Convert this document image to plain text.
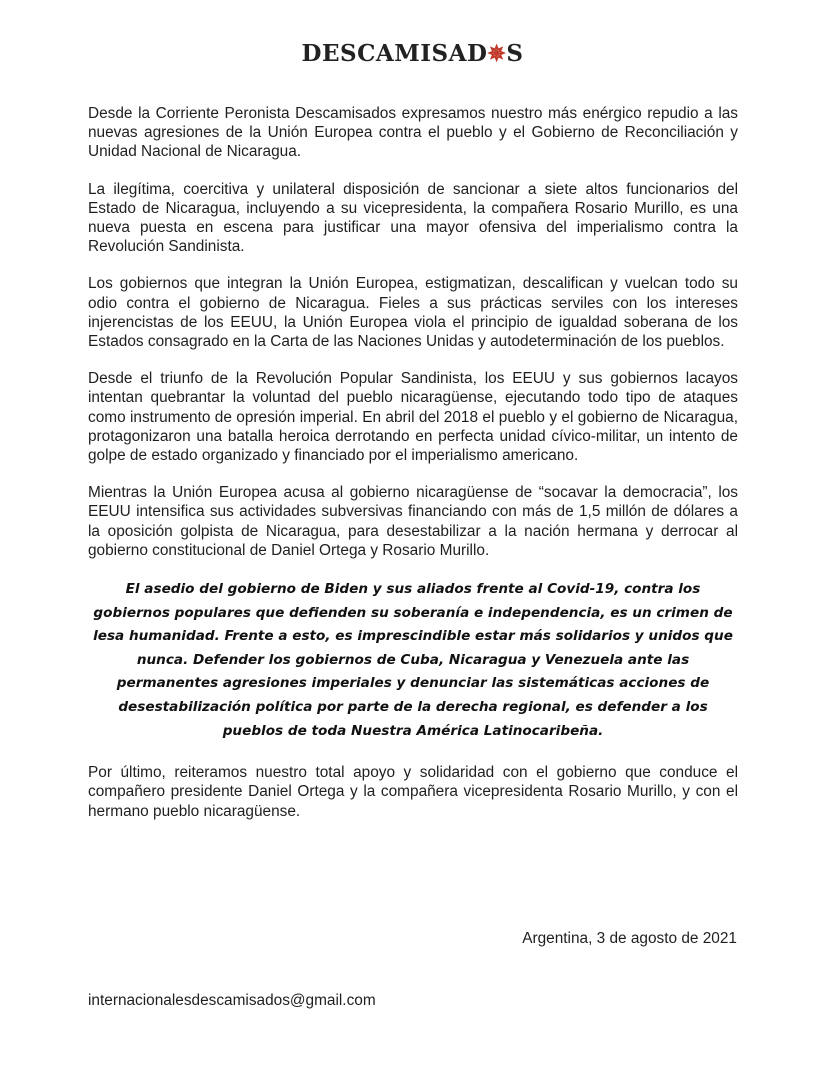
DESCAMISAD✵S

Desde la Corriente Peronista Descamisados expresamos nuestro más enérgico repudio a las nuevas agresiones de la Unión Europea contra el pueblo y el Gobierno de Reconciliación y Unidad Nacional de Nicaragua.

La ilegítima, coercitiva y unilateral disposición de sancionar a siete altos funcionarios del Estado de Nicaragua, incluyendo a su vicepresidenta, la compañera Rosario Murillo, es una nueva puesta en escena para justificar una mayor ofensiva del imperialismo contra la Revolución Sandinista.

Los gobiernos que integran la Unión Europea, estigmatizan, descalifican y vuelcan todo su odio contra el gobierno de Nicaragua. Fieles a sus prácticas serviles con los intereses injerencistas de los EEUU, la Unión Europea viola el principio de igualdad soberana de los Estados consagrado en la Carta de las Naciones Unidas y autodeterminación de los pueblos.

Desde el triunfo de la Revolución Popular Sandinista, los EEUU y sus gobiernos lacayos intentan quebrantar la voluntad del pueblo nicaragüense, ejecutando todo tipo de ataques como instrumento de opresión imperial. En abril del 2018 el pueblo y el gobierno de Nicaragua, protagonizaron una batalla heroica derrotando en perfecta unidad cívico-militar, un intento de golpe de estado organizado y financiado por el imperialismo americano.

Mientras la Unión Europea acusa al gobierno nicaragüense de “socavar la democracia”, los EEUU intensifica sus actividades subversivas financiando con más de 1,5 millón de dólares a la oposición golpista de Nicaragua, para desestabilizar a la nación hermana y derrocar al gobierno constitucional de Daniel Ortega y Rosario Murillo.

El asedio del gobierno de Biden y sus aliados frente al Covid-19, contra los gobiernos populares que defienden su soberanía e independencia, es un crimen de lesa humanidad. Frente a esto, es imprescindible estar más solidarios y unidos que nunca. Defender los gobiernos de Cuba, Nicaragua y Venezuela ante las permanentes agresiones imperiales y denunciar las sistemáticas acciones de desestabilización política por parte de la derecha regional, es defender a los pueblos de toda Nuestra América Latinocaribeña.

Por último, reiteramos nuestro total apoyo y solidaridad con el gobierno que conduce el compañero presidente Daniel Ortega y la compañera vicepresidenta Rosario Murillo, y con el hermano pueblo nicaragüense.

Argentina, 3 de agosto de 2021
internacionalesdescamisados@gmail.com
